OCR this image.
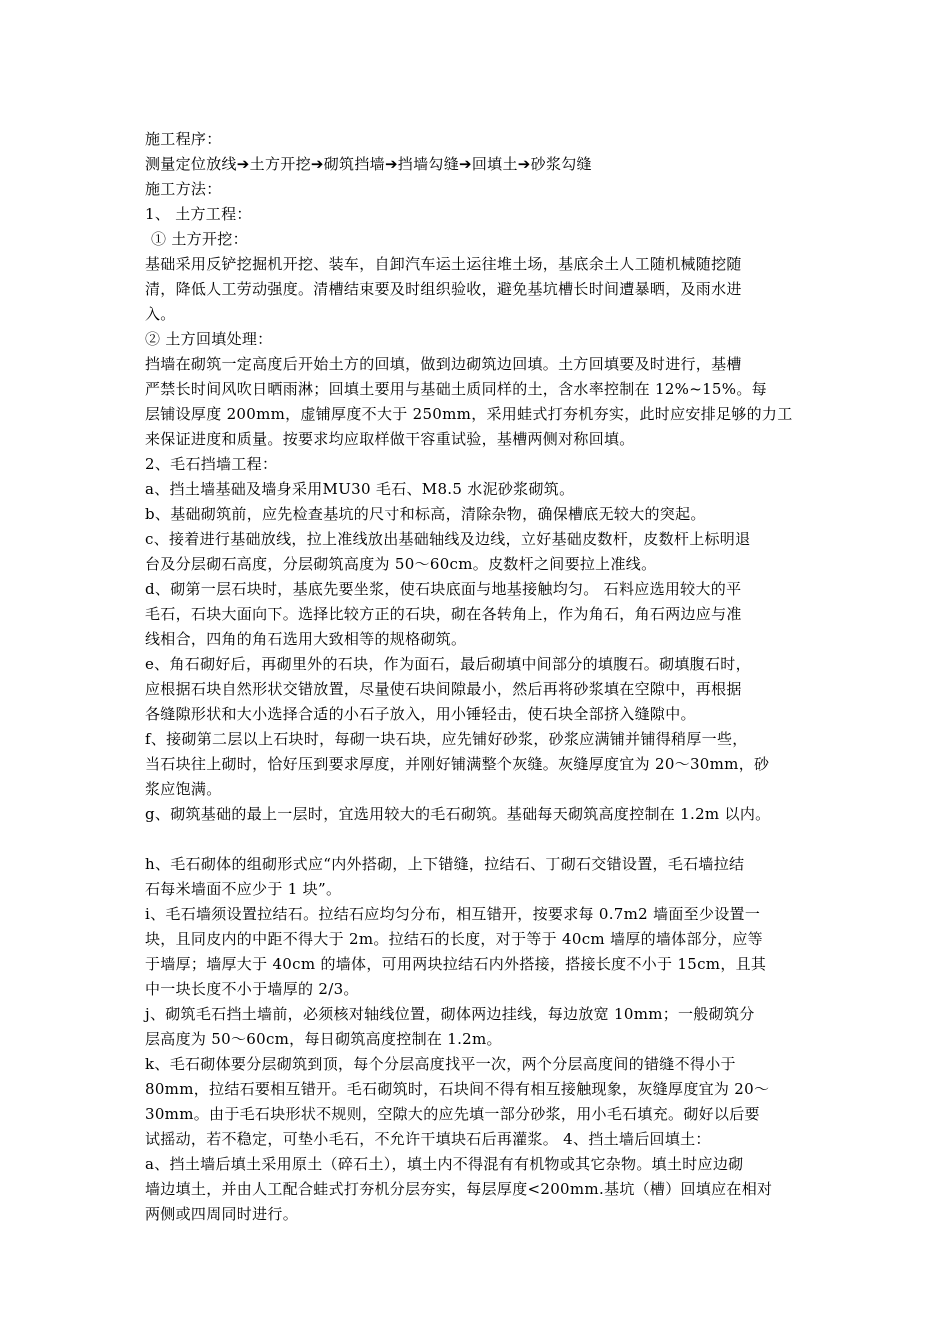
施工程序：
测量定位放线➔土方开挖➔砌筑挡墙➔挡墙勾缝➔回填土➔砂浆勾缝
施工方法：
1、 土方工程：
① 土方开挖：
基础采用反铲挖掘机开挖、装车，自卸汽车运土运往堆土场，基底余土人工随机械随挖随
清，降低人工劳动强度。清槽结束要及时组织验收，避免基坑槽长时间遭暴晒，及雨水进
入。
② 土方回填处理：
挡墙在砌筑一定高度后开始土方的回填，做到边砌筑边回填。土方回填要及时进行，基槽
严禁长时间风吹日晒雨淋；回填土要用与基础土质同样的土，含水率控制在 12%~15%。每
层铺设厚度 200mm，虚铺厚度不大于 250mm，采用蛙式打夯机夯实，此时应安排足够的力工
来保证进度和质量。按要求均应取样做干容重试验，基槽两侧对称回填。
2、毛石挡墙工程：
a、挡土墙基础及墙身采用MU30 毛石、M8.5 水泥砂浆砌筑。
b、基础砌筑前，应先检查基坑的尺寸和标高，清除杂物，确保槽底无较大的突起。
c、接着进行基础放线，拉上准线放出基础轴线及边线，立好基础皮数杆，皮数杆上标明退
台及分层砌石高度，分层砌筑高度为 50～60cm。皮数杆之间要拉上准线。
d、砌第一层石块时，基底先要坐浆，使石块底面与地基接触均匀。 石料应选用较大的平
毛石，石块大面向下。选择比较方正的石块，砌在各转角上，作为角石，角石两边应与准
线相合，四角的角石选用大致相等的规格砌筑。
e、角石砌好后，再砌里外的石块，作为面石，最后砌填中间部分的填腹石。砌填腹石时，
应根据石块自然形状交错放置，尽量使石块间隙最小，然后再将砂浆填在空隙中，再根据
各缝隙形状和大小选择合适的小石子放入，用小锤轻击，使石块全部挤入缝隙中。
f、接砌第二层以上石块时，每砌一块石块，应先铺好砂浆，砂浆应满铺并铺得稍厚一些，
当石块往上砌时，恰好压到要求厚度，并刚好铺满整个灰缝。灰缝厚度宜为 20～30mm，砂
浆应饱满。
g、砌筑基础的最上一层时，宜选用较大的毛石砌筑。基础每天砌筑高度控制在 1.2m 以内。
h、毛石砌体的组砌形式应“内外搭砌，上下错缝，拉结石、丁砌石交错设置，毛石墙拉结
石每米墙面不应少于 1 块”。
i、毛石墙须设置拉结石。拉结石应均匀分布，相互错开，按要求每 0.7m2 墙面至少设置一
块，且同皮内的中距不得大于 2m。拉结石的长度，对于等于 40cm 墙厚的墙体部分，应等
于墙厚；墙厚大于 40cm 的墙体，可用两块拉结石内外搭接，搭接长度不小于 15cm，且其
中一块长度不小于墙厚的 2/3。
j、砌筑毛石挡土墙前，必须核对轴线位置，砌体两边挂线，每边放宽 10mm；一般砌筑分
层高度为 50～60cm，每日砌筑高度控制在 1.2m。
k、毛石砌体要分层砌筑到顶，每个分层高度找平一次，两个分层高度间的错缝不得小于
80mm，拉结石要相互错开。毛石砌筑时，石块间不得有相互接触现象，灰缝厚度宜为 20～
30mm。由于毛石块形状不规则，空隙大的应先填一部分砂浆，用小毛石填充。砌好以后要
试摇动，若不稳定，可垫小毛石，不允许干填块石后再灌浆。 4、挡土墙后回填土：
a、挡土墙后填土采用原土（碎石土），填土内不得混有有机物或其它杂物。填土时应边砌
墙边填土，并由人工配合蛙式打夯机分层夯实，每层厚度<200mm.基坑（槽）回填应在相对
两侧或四周同时进行。
